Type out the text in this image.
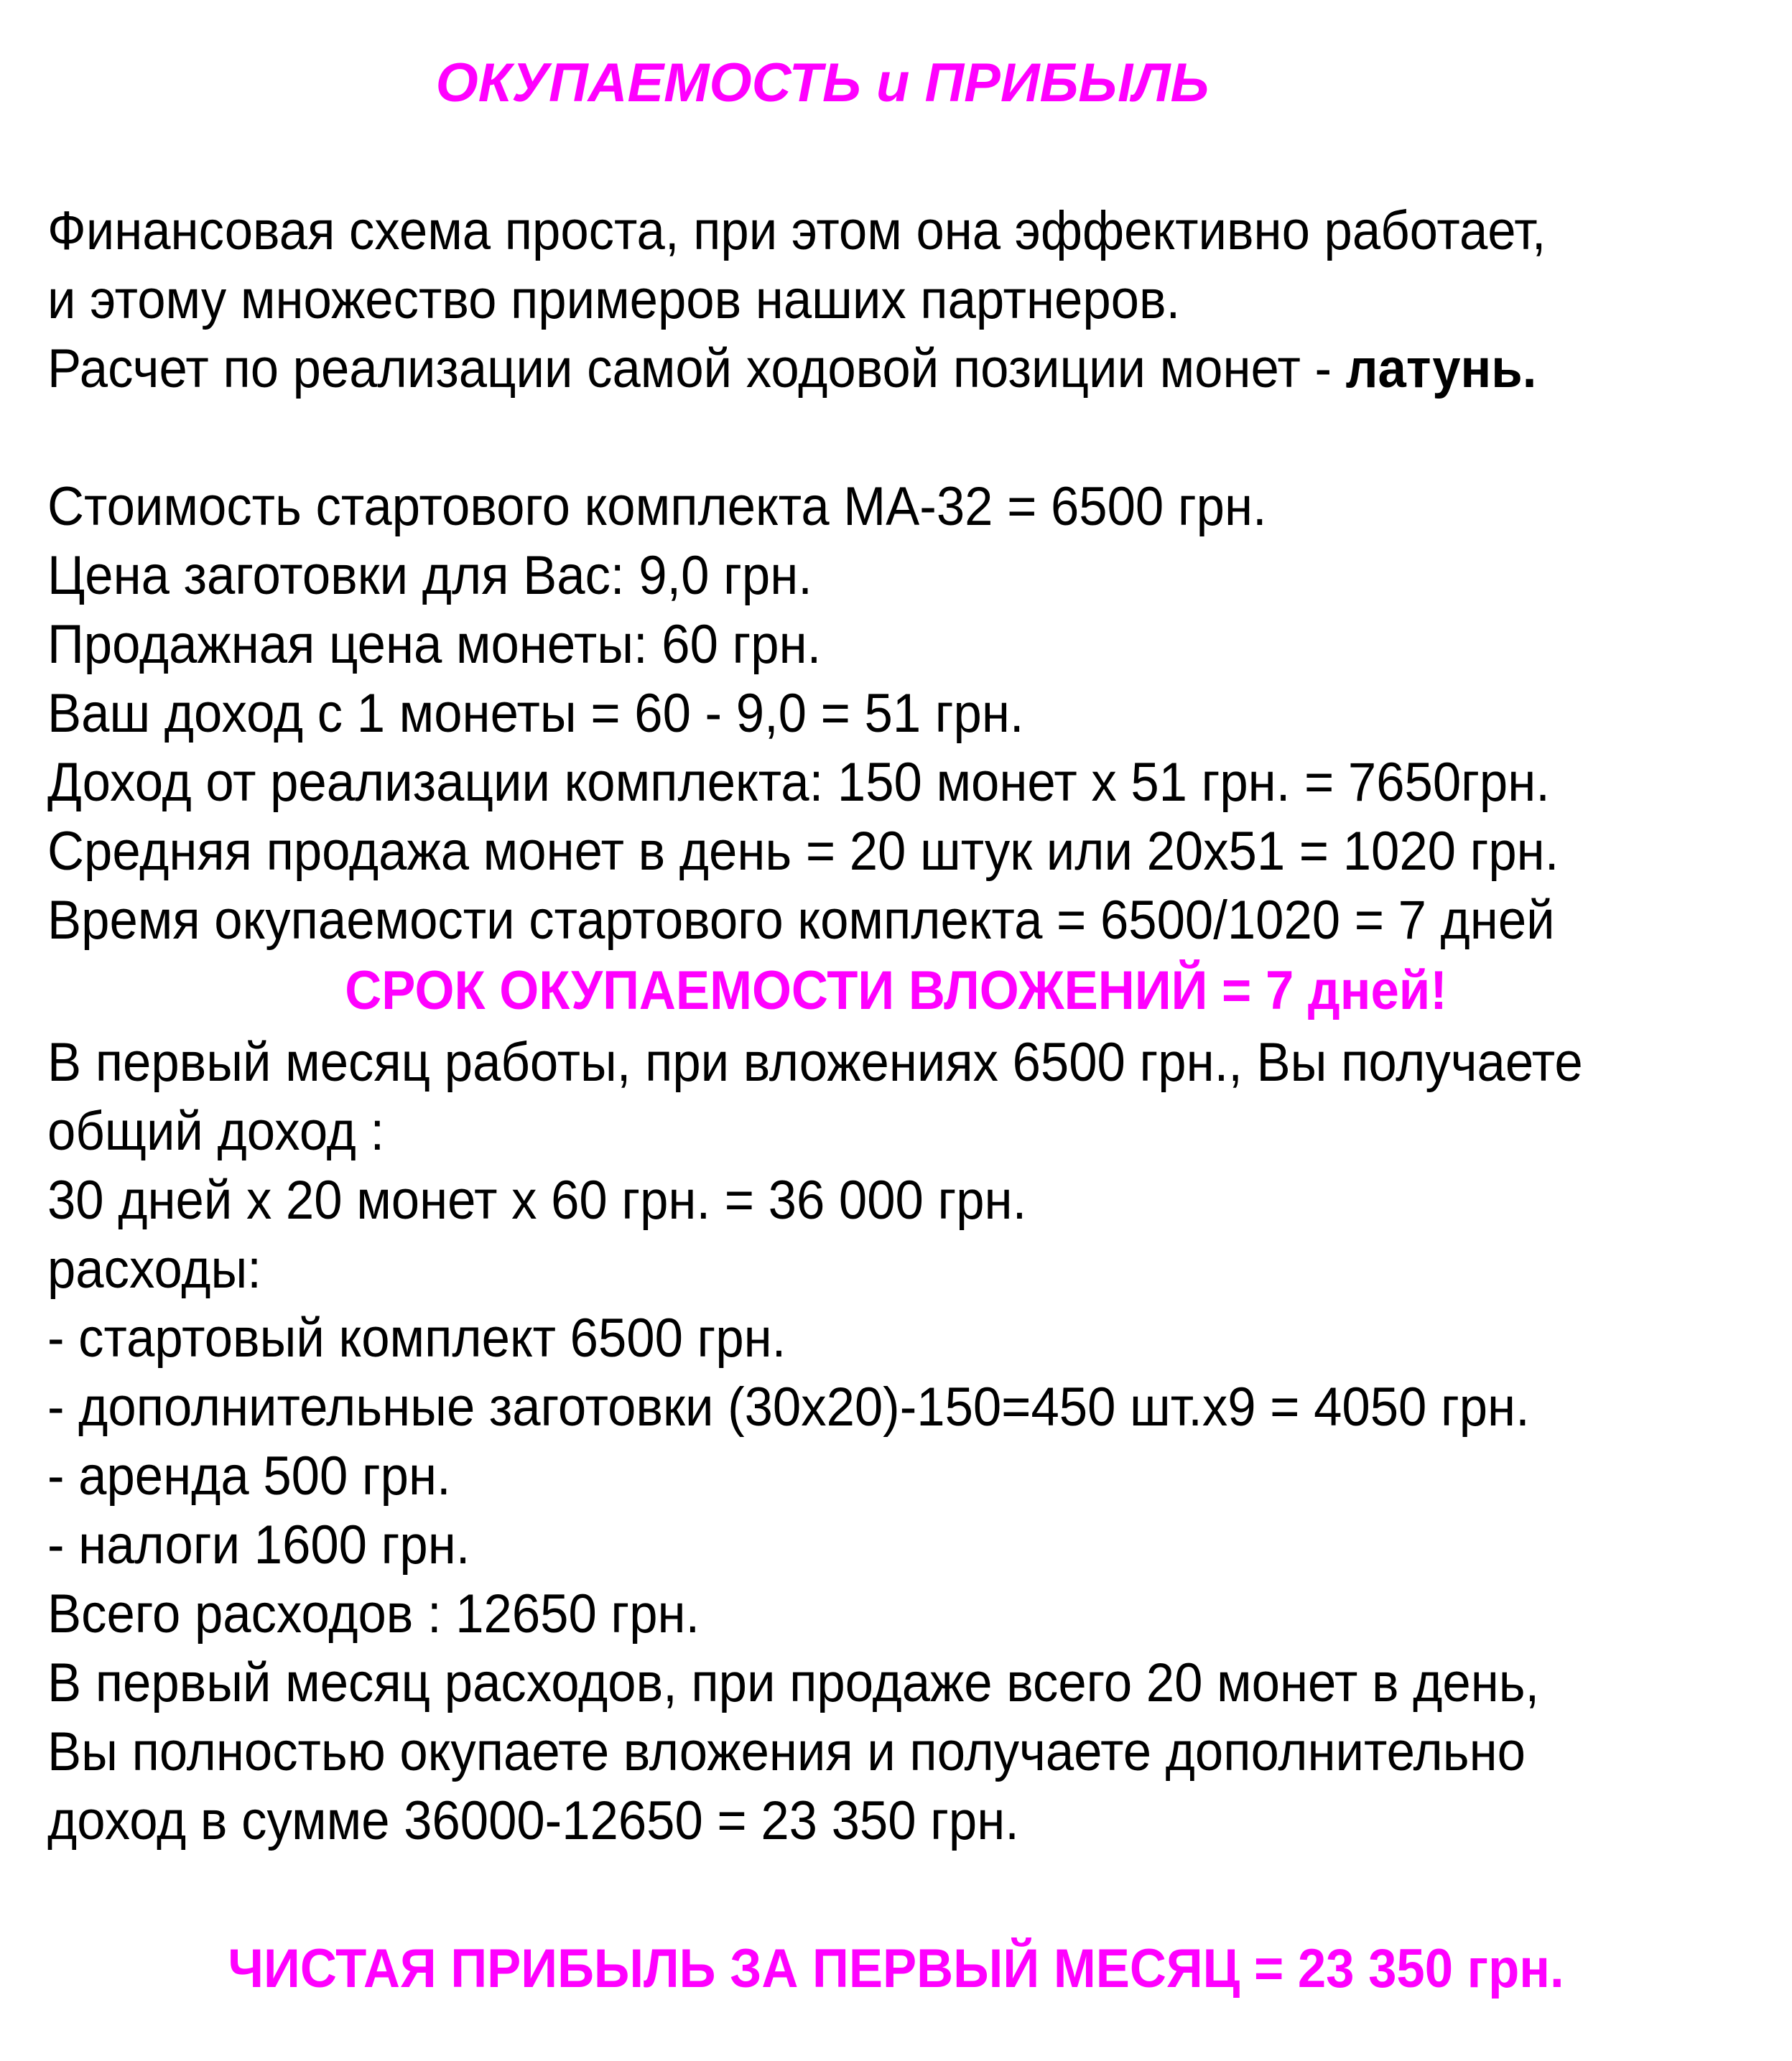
ОКУПАЕМОСТЬ и ПРИБЫЛЬ
Финансовая схема проста, при этом она эффективно работает,
и этому множество примеров наших партнеров.
Расчет по реализации самой ходовой позиции монет - латунь.
Стоимость стартового комплекта МА-32 = 6500 грн.
Цена заготовки для Вас: 9,0 грн.
Продажная цена монеты: 60 грн.
Ваш доход с 1 монеты = 60 - 9,0 = 51 грн.
Доход от реализации комплекта: 150 монет х 51 грн. = 7650грн.
Средняя продажа монет в день = 20 штук или 20х51 = 1020 грн.
Время окупаемости стартового комплекта = 6500/1020 = 7 дней
СРОК ОКУПАЕМОСТИ ВЛОЖЕНИЙ = 7 дней!
В первый месяц работы, при вложениях 6500 грн., Вы получаете
общий доход :
30 дней х 20 монет х 60 грн. = 36 000 грн.
расходы:
- стартовый комплект 6500 грн.
- дополнительные заготовки (30х20)-150=450 шт.х9 = 4050 грн.
- аренда 500 грн.
- налоги 1600 грн.
Всего расходов : 12650 грн.
В первый месяц расходов, при продаже всего 20 монет в день,
Вы полностью окупаете вложения и получаете дополнительно
доход в сумме 36000-12650 = 23 350 грн.
ЧИСТАЯ ПРИБЫЛЬ ЗА ПЕРВЫЙ МЕСЯЦ = 23 350 грн.
